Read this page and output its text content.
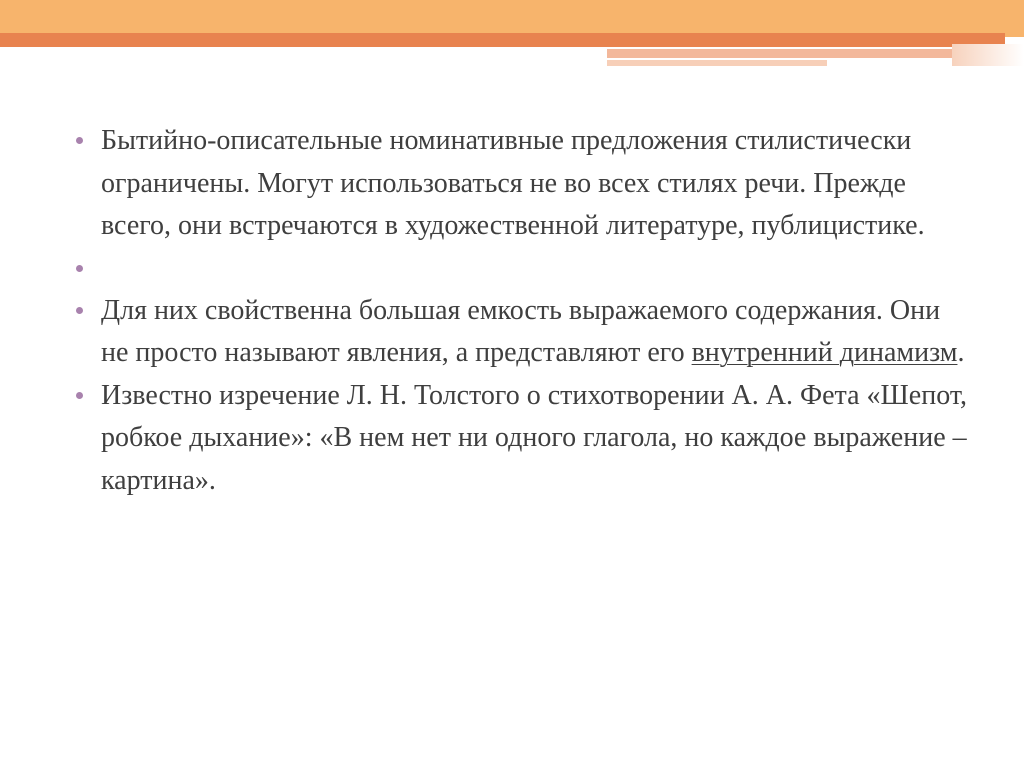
Бытийно-описательные номинативные предложения стилистически ограничены. Могут использоваться не во всех стилях речи. Прежде всего, они встречаются в художественной литературе, публицистике.
Для них свойственна большая емкость выражаемого содержания. Они не просто называют явления, а представляют его внутренний динамизм.
Известно изречение Л. Н. Толстого о стихотворении А. А. Фета «Шепот, робкое дыхание»: «В нем нет ни одного глагола, но каждое выражение – картина».
